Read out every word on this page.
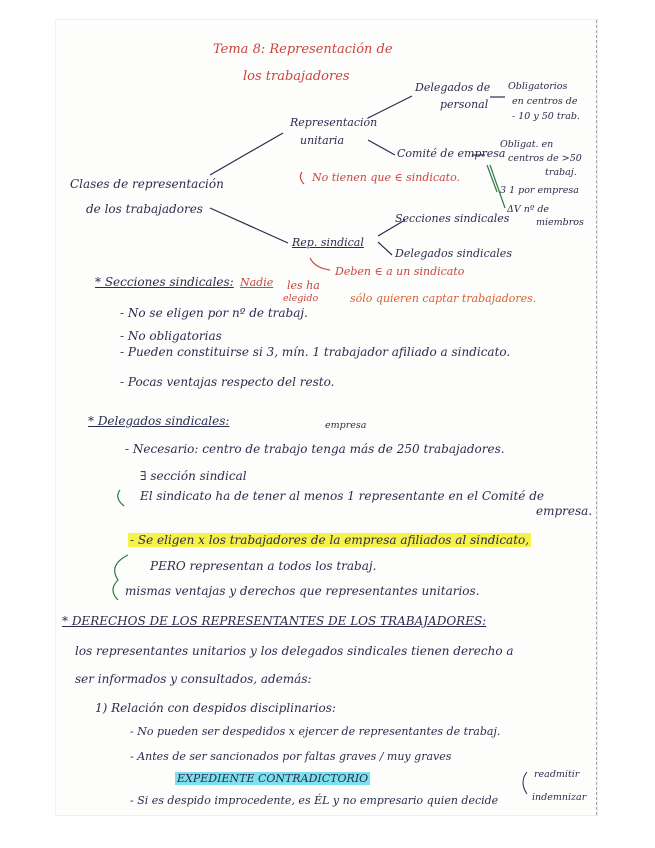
Tema 8: Representación de
los trabajadores
Clases de representación
de los trabajadores
Representación
unitaria
Delegados de
personal
Obligatorios
en centros de
- 10 y 50 trab.
Comité de empresa
Obligat. en
centros de >50
trabaj.
3 1 por empresa
ΔV nº de
miembros
No tienen que ∈ sindicato.
Rep. sindical
Secciones sindicales
Delegados sindicales
Deben ∈ a un sindicato
* Secciones sindicales: Nadie les ha
elegido	sólo quieren captar trabajadores.
- No se eligen por nº de trabaj.
- No obligatorias
- Pueden constituirse si 3, mín. 1 trabajador afiliado a sindicato.
- Pocas ventajas respecto del resto.
* Delegados sindicales:	empresa
- Necesario: centro de trabajo tenga más de 250 trabajadores.
∃ sección sindical
El sindicato ha de tener al menos 1 representante en el Comité de
empresa.
- Se eligen x los trabajadores de la empresa afiliados al sindicato,
PERO representan a todos los trabaj.
mismas ventajas y derechos que representantes unitarios.
* DERECHOS DE LOS REPRESENTANTES DE LOS TRABAJADORES:
los representantes unitarios y los delegados sindicales tienen derecho a
ser informados y consultados, además:
1) Relación con despidos disciplinarios:
- No pueden ser despedidos x ejercer de representantes de trabaj.
- Antes de ser sancionados por faltas graves / muy graves
EXPEDIENTE CONTRADICTORIO
- Si es despido improcedente, es ÉL y no empresario quien decide
readmitir
indemnizar
